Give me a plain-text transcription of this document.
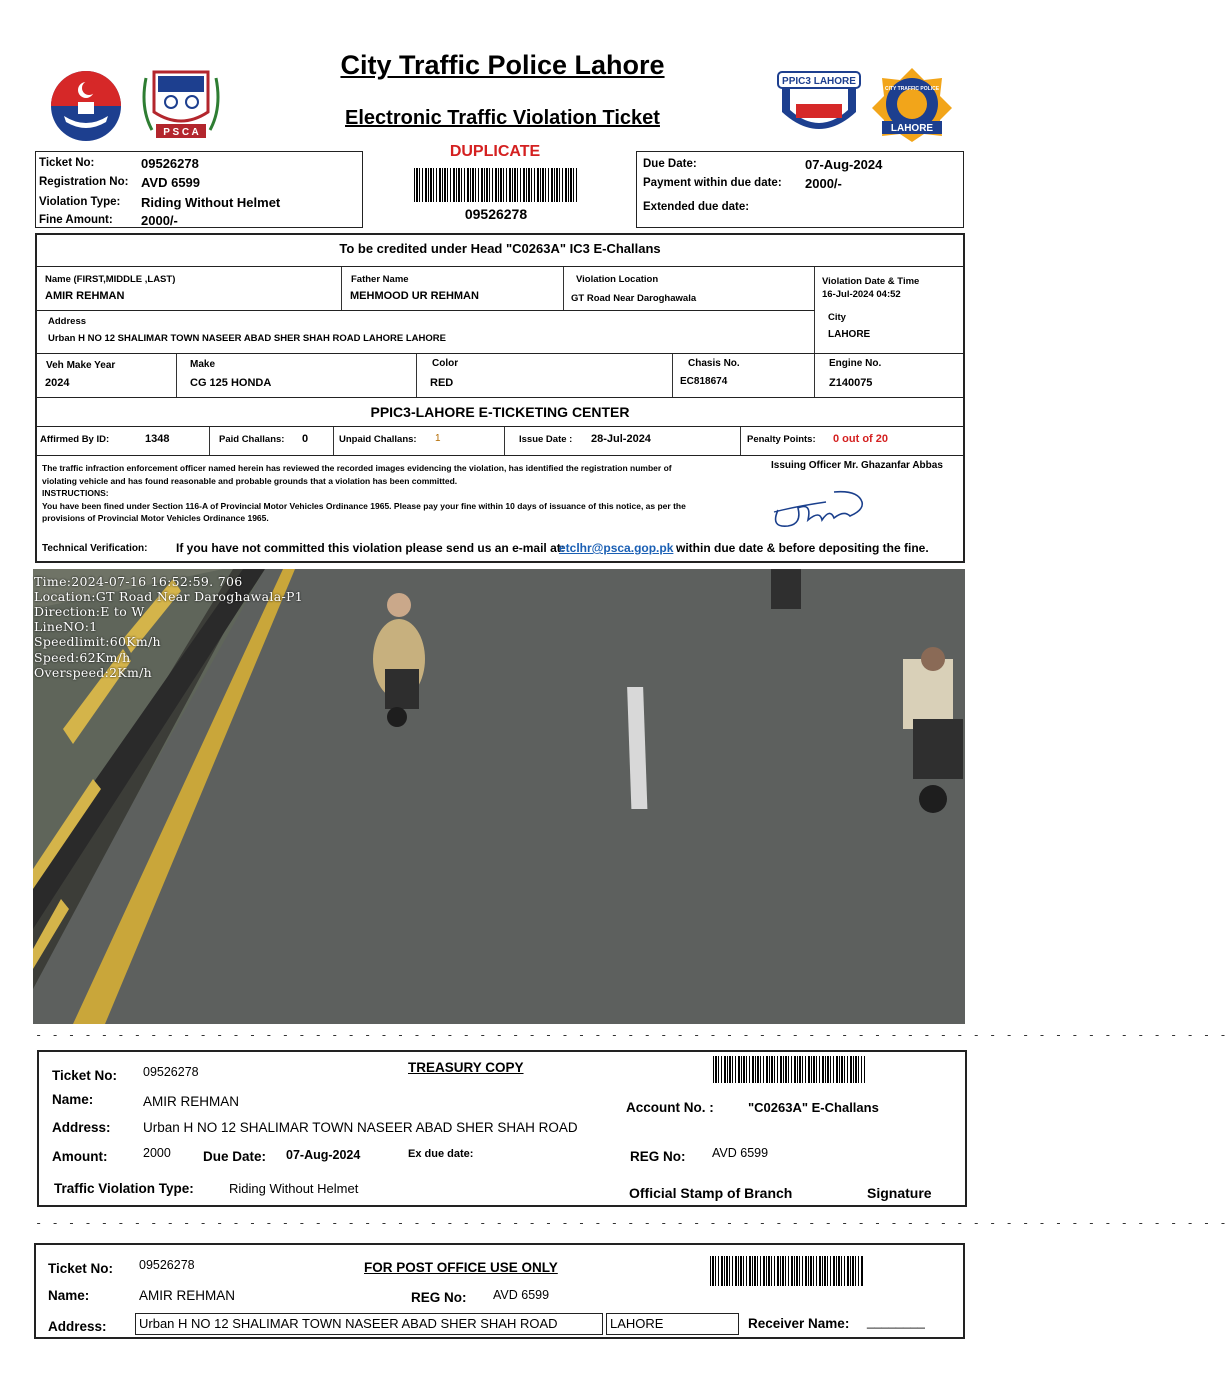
P S C A
City Traffic Police Lahore
Electronic Traffic Violation Ticket
DUPLICATE
09526278
PPIC3 LAHORE
CITY TRAFFIC POLICE
LAHORE
Ticket No:	09526278
Registration No: AVD 6599
Violation Type: Riding Without Helmet
Fine Amount: 2000/-
Due Date:	07-Aug-2024
Payment within due date: 2000/-
Extended due date:
To be credited under Head "C0263A" IC3 E-Challans
Name (FIRST,MIDDLE ,LAST)
AMIR REHMAN
Father Name
MEHMOOD UR REHMAN
Violation Location
GT Road Near Daroghawala
Violation Date & Time
16-Jul-2024 04:52
Address
Urban H NO 12 SHALIMAR TOWN NASEER ABAD SHER SHAH ROAD LAHORE LAHORE
City
LAHORE
Veh Make Year
2024
Make
CG 125 HONDA
Color
RED
Chasis No.
EC818674
Engine No.
Z140075
PPIC3-LAHORE E-TICKETING CENTER
Affirmed By ID:	1348	Paid Challans: 0	Unpaid Challans: 1	Issue Date : 28-Jul-2024	Penalty Points: 0 out of 20
The traffic infraction enforcement officer named herein has reviewed the recorded images evidencing the violation, has identified the registration number of
violating vehicle and has found reasonable and probable grounds that a violation has been committed.
INSTRUCTIONS:
You have been fined under Section 116-A of Provincial Motor Vehicles Ordinance 1965. Please pay your fine within 10 days of issuance of this notice, as per the
provisions of Provincial Motor Vehicles Ordinance 1965.
Issuing Officer Mr. Ghazanfar Abbas
Technical Verification: If you have not committed this violation please send us an e-mail at:
etclhr@psca.gop.pk within due date & before depositing the fine.
Time:2024-07-16 16:52:59. 706
Location:GT Road Near Daroghawala-P1
Direction:E to W
LineNO:1
Speedlimit:60Km/h
Speed:62Km/h
Overspeed:2Km/h
- - - - - - - - - - - - - - - - - - - - - - - - - - - - - - - - - - - - - - - - - - - - - - - - - - - - - - - - - - - - - - - - - - - - - - - - -
TREASURY COPY
Ticket No: 09526278
Name:	AMIR REHMAN
Address: Urban H NO 12 SHALIMAR TOWN NASEER ABAD SHER SHAH ROAD
Amount:	2000 Due Date: 07-Aug-2024	Ex due date:
Account No. :	"C0263A" E-Challans
REG No: AVD 6599
Traffic Violation Type:	Riding Without Helmet	Official Stamp of Branch	Signature
- - - - - - - - - - - - - - - - - - - - - - - - - - - - - - - - - - - - - - - - - - - - - - - - - - - - - - - - - - - - - - - - - - - - - - - - -
FOR POST OFFICE USE ONLY
Ticket No: 09526278
Name:	AMIR REHMAN	REG No: AVD 6599
Address: Urban H NO 12 SHALIMAR TOWN NASEER ABAD SHER SHAH ROAD	LAHORE	Receiver Name: ________
